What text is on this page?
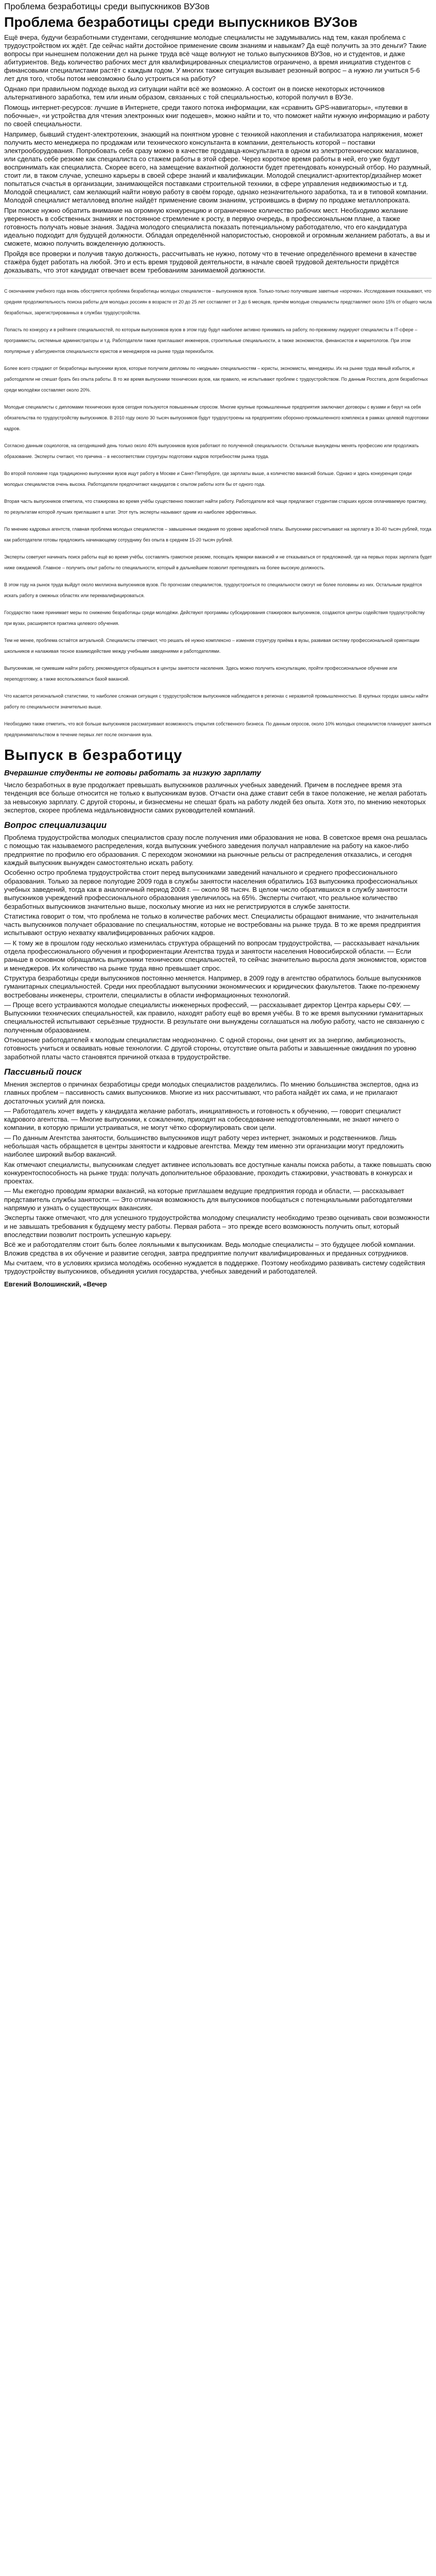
Проблема безработицы среди выпускников ВУЗов
Проблема безработицы среди выпускников ВУЗов

Ещё вчера, будучи безработными студентами, сегодняшние молодые специалисты не задумывались над тем, какая проблема с трудоустройством их ждёт. Где сейчас найти достойное применение своим знаниям и навыкам? Да ещё получить за это деньги? Такие вопросы при нынешнем положении дел на рынке труда всё чаще волнуют не только выпускников ВУЗов, но и студентов, и даже абитуриентов. Ведь количество рабочих мест для квалифицированных специалистов ограничено, а время инициатив студентов с финансовыми специалистами растёт с каждым годом. У многих также ситуация вызывает резонный вопрос – а нужно ли учиться 5-6 лет для того, чтобы потом невозможно было устроиться на работу?

Однако при правильном подходе выход из ситуации найти всё же возможно. А состоит он в поиске некоторых источников альтернативного заработка, тем или иным образом, связанных с той специальностью, которой получил в ВУЗе.

Помощь интернет-ресурсов: лучшие в Интернете, среди такого потока информации, как «сравнить GPS-навигаторы», «путевки в побочные», «и устройства для чтения электронных книг подешев», можно найти и то, что поможет найти нужную информацию и работу по своей специальности.

Например, бывший студент-электротехник, знающий на понятном уровне с техникой накопления и стабилизатора напряжения, может получить место менеджера по продажам или технического консультанта в компании, деятельность которой – поставки электрооборудования. Попробовать себя сразу можно в качестве продавца-консультанта в одном из электротехнических магазинов, или сделать себе резюме как специалиста со стажем работы в этой сфере. Через короткое время работы в ней, его уже будут воспринимать как специалиста. Скорее всего, на замещение вакантной должности будет претендовать конкурсный отбор. Но разумный, стоит ли, в таком случае, успешно карьеры в своей сфере знаний и квалификации. Молодой специалист-архитектор/дизайнер может попытаться счастья в организации, занимающейся поставками строительной техники, в сфере управления недвижимостью и т.д. Молодой специалист, сам желающий найти новую работу в своём городе, однако незначительного заработка, та и в типовой компании. Молодой специалист металловед вполне найдёт применение своим знаниям, устроившись в фирму по продаже металлопроката.

При поиске нужно обратить внимание на огромную конкуренцию и ограниченное количество рабочих мест. Необходимо желание уверенность в собственных знаниях и постоянное стремление к росту, в первую очередь, в профессиональном плане, а также готовность получать новые знания. Задача молодого специалиста показать потенциальному работодателю, что его кандидатура идеально подходит для будущей должности. Обладая определённой напористостью, сноровкой и огромным желанием работать, а вы и сможете, можно получить вожделенную должность.

Пройдя все проверки и получив такую должность, рассчитывать не нужно, потому что в течение определённого времени в качестве стажёра будет работать на любой. Это и есть время трудовой деятельности, в начале своей трудовой деятельности придётся доказывать, что этот кандидат отвечает всем требованиям занимаемой должности.

С окончанием учебного года вновь обостряется проблема безработицы молодых специалистов – выпускников вузов. Только-только получившие заветные «корочки». Исследования показывают, что средняя продолжительность поиска работы для молодых россиян в возрасте от 20 до 25 лет составляет от 3 до 6 месяцев, причём молодые специалисты представляют около 15% от общего числа безработных, зарегистрированных в службах трудоустройства.

Попасть по конкурсу и в рейтинге специальностей, по которым выпускников вузов в этом году будут наиболее активно принимать на работу, по-прежнему лидируют специалисты в IT-сфере – программисты, системные администраторы и т.д. Работодатели также приглашают инженеров, строительные специальности, а также экономистов, финансистов и маркетологов. При этом популярные у абитуриентов специальности юристов и менеджеров на рынке труда переизбыток.

Более всего страдают от безработицы выпускники вузов, которые получили дипломы по «модным» специальностям – юристы, экономисты, менеджеры. Их на рынке труда явный избыток, и работодатели не спешат брать без опыта работы. В то же время выпускники технических вузов, как правило, не испытывают проблем с трудоустройством. По данным Росстата, доля безработных среди молодёжи составляет около 20%.

Молодые специалисты с дипломами технических вузов сегодня пользуются повышенным спросом. Многие крупные промышленные предприятия заключают договоры с вузами и берут на себя обязательства по трудоустройству выпускников. В 2010 году около 30 тысяч выпускников будут трудоустроены на предприятиях оборонно-промышленного комплекса в рамках целевой подготовки кадров.

Согласно данным социологов, на сегодняшний день только около 40% выпускников вузов работают по полученной специальности. Остальные вынуждены менять профессию или продолжать образование. Эксперты считают, что причина – в несоответствии структуры подготовки кадров потребностям рынка труда.

Во второй половине года традиционно выпускники вузов ищут работу в Москве и Санкт-Петербурге, где зарплаты выше, а количество вакансий больше. Однако и здесь конкуренция среди молодых специалистов очень высока. Работодатели предпочитают кандидатов с опытом работы хотя бы от одного года.

Вторая часть выпускников отметила, что стажировка во время учёбы существенно помогает найти работу. Работодатели всё чаще предлагают студентам старших курсов оплачиваемую практику, по результатам которой лучших приглашают в штат. Этот путь эксперты называют одним из наиболее эффективных.

По мнению кадровых агентств, главная проблема молодых специалистов – завышенные ожидания по уровню заработной платы. Выпускники рассчитывают на зарплату в 30-40 тысяч рублей, тогда как работодатели готовы предложить начинающему сотруднику без опыта в среднем 15-20 тысяч рублей.

Эксперты советуют начинать поиск работы ещё во время учёбы, составлять грамотное резюме, посещать ярмарки вакансий и не отказываться от предложений, где на первых порах зарплата будет ниже ожидаемой. Главное – получить опыт работы по специальности, который в дальнейшем позволит претендовать на более высокую должность.

В этом году на рынок труда выйдут около миллиона выпускников вузов. По прогнозам специалистов, трудоустроиться по специальности смогут не более половины из них. Остальным придётся искать работу в смежных областях или переквалифицироваться.

Государство также принимает меры по снижению безработицы среди молодёжи. Действуют программы субсидирования стажировок выпускников, создаются центры содействия трудоустройству при вузах, расширяется практика целевого обучения.

Тем не менее, проблема остаётся актуальной. Специалисты отмечают, что решать её нужно комплексно – изменяя структуру приёма в вузы, развивая систему профессиональной ориентации школьников и налаживая тесное взаимодействие между учебными заведениями и работодателями.

Выпускникам, не сумевшим найти работу, рекомендуется обращаться в центры занятости населения. Здесь можно получить консультацию, пройти профессиональное обучение или переподготовку, а также воспользоваться базой вакансий.

Что касается региональной статистики, то наиболее сложная ситуация с трудоустройством выпускников наблюдается в регионах с неразвитой промышленностью. В крупных городах шансы найти работу по специальности значительно выше.

Необходимо также отметить, что всё больше выпускников рассматривают возможность открытия собственного бизнеса. По данным опросов, около 10% молодых специалистов планируют заняться предпринимательством в течение первых лет после окончания вуза.

Выпуск в безработицу
Вчерашние студенты не готовы работать за низкую зарплату

Число безработных в вузе продолжает превышать выпускников различных учебных заведений. Причем в последнее время эта тенденция все больше относится не только к выпускникам вузов. Отчасти она даже ставит себя в такое положение, не желая работать за невысокую зарплату. С другой стороны, и бизнесмены не спешат брать на работу людей без опыта. Хотя это, по мнению некоторых экспертов, скорее проблема недальновидности самих руководителей компаний.

Вопрос специализации

Проблема трудоустройства молодых специалистов сразу после получения ими образования не нова. В советское время она решалась с помощью так называемого распределения, когда выпускник учебного заведения получал направление на работу на какое-либо предприятие по профилю его образования. С переходом экономики на рыночные рельсы от распределения отказались, и сегодня каждый выпускник вынужден самостоятельно искать работу.

Особенно остро проблема трудоустройства стоит перед выпускниками заведений начального и среднего профессионального образования. Только за первое полугодие 2009 года в службы занятости населения обратились 163 выпускника профессиональных учебных заведений, тогда как в аналогичный период 2008 г. — около 98 тысяч. В целом число обратившихся в службу занятости выпускников учреждений профессионального образования увеличилось на 65%. Эксперты считают, что реальное количество безработных выпускников значительно выше, поскольку многие из них не регистрируются в службе занятости.

Статистика говорит о том, что проблема не только в количестве рабочих мест. Специалисты обращают внимание, что значительная часть выпускников получает образование по специальностям, которые не востребованы на рынке труда. В то же время предприятия испытывают острую нехватку квалифицированных рабочих кадров.

— К тому же в прошлом году несколько изменилась структура обращений по вопросам трудоустройства, — рассказывает начальник отдела профессионального обучения и профориентации Агентства труда и занятости населения Новосибирской области. — Если раньше в основном обращались выпускники технических специальностей, то сейчас значительно выросла доля экономистов, юристов и менеджеров. Их количество на рынке труда явно превышает спрос.

Структура безработицы среди выпускников постоянно меняется. Например, в 2009 году в агентство обратилось больше выпускников гуманитарных специальностей. Среди них преобладают выпускники экономических и юридических факультетов. Также по-прежнему востребованы инженеры, строители, специалисты в области информационных технологий.

— Проще всего устраиваются молодые специалисты инженерных профессий, — рассказывает директор Центра карьеры СФУ. — Выпускники технических специальностей, как правило, находят работу ещё во время учёбы. В то же время выпускники гуманитарных специальностей испытывают серьёзные трудности. В результате они вынуждены соглашаться на любую работу, часто не связанную с полученным образованием.

Отношение работодателей к молодым специалистам неоднозначно. С одной стороны, они ценят их за энергию, амбициозность, готовность учиться и осваивать новые технологии. С другой стороны, отсутствие опыта работы и завышенные ожидания по уровню заработной платы часто становятся причиной отказа в трудоустройстве.

Пассивный поиск

Мнения экспертов о причинах безработицы среди молодых специалистов разделились. По мнению большинства экспертов, одна из главных проблем – пассивность самих выпускников. Многие из них рассчитывают, что работа найдёт их сама, и не прилагают достаточных усилий для поиска.

— Работодатель хочет видеть у кандидата желание работать, инициативность и готовность к обучению, — говорит специалист кадрового агентства. — Многие выпускники, к сожалению, приходят на собеседование неподготовленными, не знают ничего о компании, в которую пришли устраиваться, не могут чётко сформулировать свои цели.

— По данным Агентства занятости, большинство выпускников ищут работу через интернет, знакомых и родственников. Лишь небольшая часть обращается в центры занятости и кадровые агентства. Между тем именно эти организации могут предложить наиболее широкий выбор вакансий.

Как отмечают специалисты, выпускникам следует активнее использовать все доступные каналы поиска работы, а также повышать свою конкурентоспособность на рынке труда: получать дополнительное образование, проходить стажировки, участвовать в конкурсах и проектах.

— Мы ежегодно проводим ярмарки вакансий, на которые приглашаем ведущие предприятия города и области, — рассказывает представитель службы занятости. — Это отличная возможность для выпускников пообщаться с потенциальными работодателями напрямую и узнать о существующих вакансиях.

Эксперты также отмечают, что для успешного трудоустройства молодому специалисту необходимо трезво оценивать свои возможности и не завышать требования к будущему месту работы. Первая работа – это прежде всего возможность получить опыт, который впоследствии позволит построить успешную карьеру.

Всё же и работодателям стоит быть более лояльными к выпускникам. Ведь молодые специалисты – это будущее любой компании. Вложив средства в их обучение и развитие сегодня, завтра предприятие получит квалифицированных и преданных сотрудников.

Мы считаем, что в условиях кризиса молодёжь особенно нуждается в поддержке. Поэтому необходимо развивать систему содействия трудоустройству выпускников, объединяя усилия государства, учебных заведений и работодателей.

Евгений Волошинский, «Вечер
